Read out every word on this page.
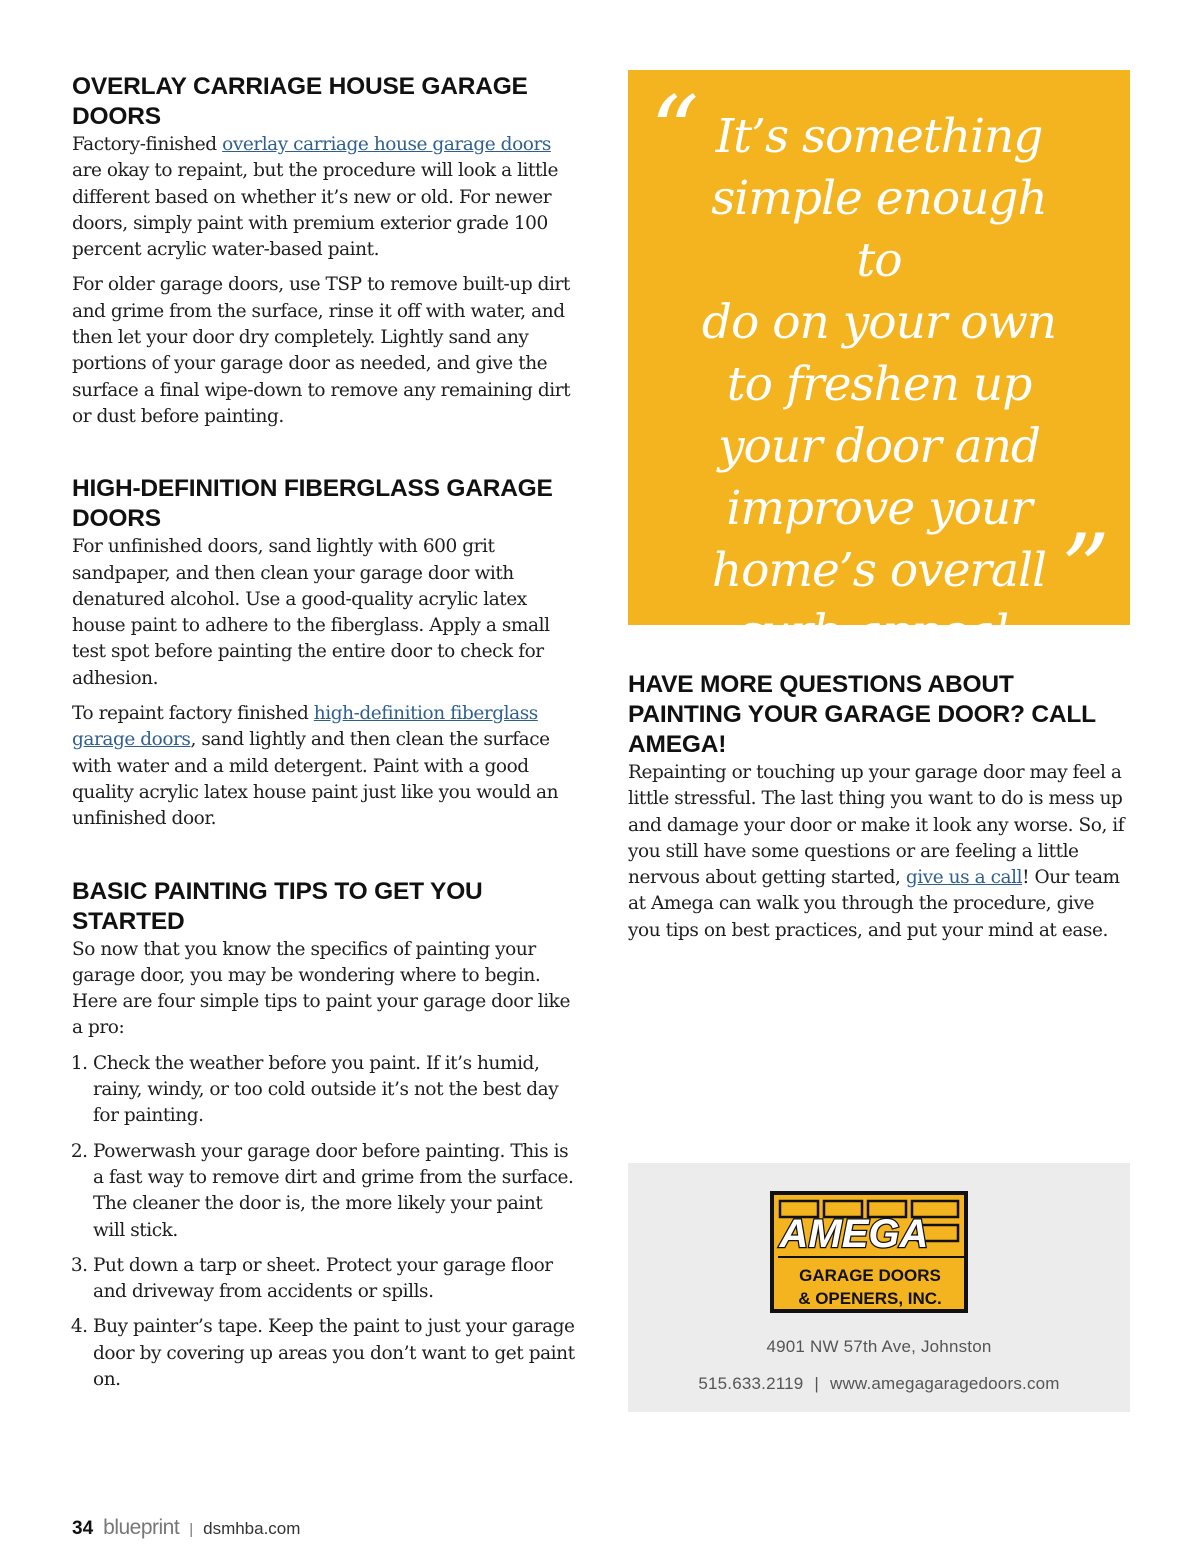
OVERLAY CARRIAGE HOUSE GARAGE DOORS

Factory-finished overlay carriage house garage doors are okay to repaint, but the procedure will look a little different based on whether it’s new or old. For newer doors, simply paint with premium exterior grade 100 percent acrylic water-based paint.

For older garage doors, use TSP to remove built-up dirt and grime from the surface, rinse it off with water, and then let your door dry completely. Lightly sand any portions of your garage door as needed, and give the surface a final wipe-down to remove any remaining dirt or dust before painting.

HIGH-DEFINITION FIBERGLASS GARAGE DOORS

For unfinished doors, sand lightly with 600 grit sandpaper, and then clean your garage door with denatured alcohol. Use a good-quality acrylic latex house paint to adhere to the fiberglass. Apply a small test spot before painting the entire door to check for adhesion.

To repaint factory finished high-definition fiberglass garage doors, sand lightly and then clean the surface with water and a mild detergent. Paint with a good quality acrylic latex house paint just like you would an unfinished door.

BASIC PAINTING TIPS TO GET YOU STARTED

So now that you know the specifics of painting your garage door, you may be wondering where to begin. Here are four simple tips to paint your garage door like a pro:

1. Check the weather before you paint. If it’s humid, rainy, windy, or too cold outside it’s not the best day for painting.
2. Powerwash your garage door before painting. This is a fast way to remove dirt and grime from the surface. The cleaner the door is, the more likely your paint will stick.
3. Put down a tarp or sheet. Protect your garage floor and driveway from accidents or spills.
4. Buy painter’s tape. Keep the paint to just your garage door by covering up areas you don’t want to get paint on.
“ It’s something
simple enough to
do on your own
to freshen up
your door and
improve your
home’s overall
curb appeal.
”
HAVE MORE QUESTIONS ABOUT PAINTING YOUR GARAGE DOOR? CALL AMEGA!

Repainting or touching up your garage door may feel a little stressful. The last thing you want to do is mess up and damage your door or make it look any worse. So, if you still have some questions or are feeling a little nervous about getting started, give us a call! Our team at Amega can walk you through the procedure, give you tips on best practices, and put your mind at ease.

AMEGA
GARAGE DOORS
& OPENERS, INC.
4901 NW 57th Ave, Johnston
515.633.2119 | www.amegagaragedoors.com
34 blueprint | dsmhba.com
